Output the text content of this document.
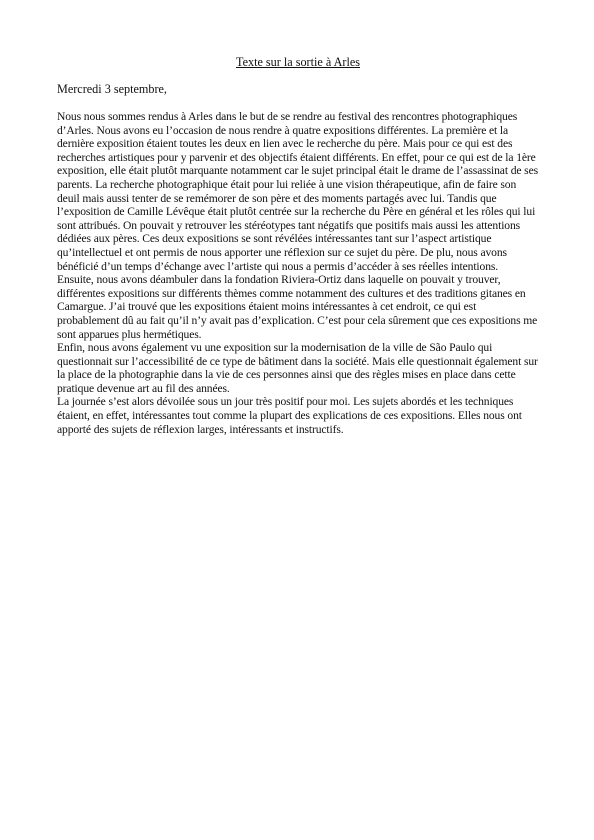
Texte sur la sortie à Arles
Mercredi 3 septembre,

Nous nous sommes rendus à Arles dans le but de se rendre au festival des rencontres photographiques d’Arles. Nous avons eu l’occasion de nous rendre à quatre expositions différentes. La première et la dernière exposition étaient toutes les deux en lien avec le recherche du père. Mais pour ce qui est des recherches artistiques pour y parvenir et des objectifs étaient différents. En effet, pour ce qui est de la 1ère exposition, elle était plutôt marquante notamment car le sujet principal était le drame de l’assassinat de ses parents. La recherche photographique était pour lui reliée à une vision thérapeutique, afin de faire son deuil mais aussi tenter de se remémorer de son père et des moments partagés avec lui. Tandis que l’exposition de Camille Lévêque était plutôt centrée sur la recherche du Père en général et les rôles qui lui sont attribués. On pouvait y retrouver les stéréotypes tant négatifs que positifs mais aussi les attentions dédiées aux pères. Ces deux expositions se sont révélées intéressantes tant sur l’aspect artistique qu’intellectuel et ont permis de nous apporter une réflexion sur ce sujet du père. De plu, nous avons bénéficié d’un temps d’échange avec l’artiste qui nous a permis d’accéder à ses réelles intentions.

Ensuite, nous avons déambuler dans la fondation Riviera-Ortiz dans laquelle on pouvait y trouver, différentes expositions sur différents thèmes comme notamment des cultures et des traditions gitanes en Camargue. J’ai trouvé que les expositions étaient moins intéressantes à cet endroit, ce qui est probablement dû au fait qu’il n’y avait pas d’explication. C’est pour cela sûrement que ces expositions me sont apparues plus hermétiques.

Enfin, nous avons également vu une exposition sur la modernisation de la ville de São Paulo qui questionnait sur l’accessibilité de ce type de bâtiment dans la société. Mais elle questionnait également sur la place de la photographie dans la vie de ces personnes ainsi que des règles mises en place dans cette pratique devenue art au fil des années.

La journée s’est alors dévoilée sous un jour très positif pour moi. Les sujets abordés et les techniques étaient, en effet, intéressantes tout comme la plupart des explications de ces expositions. Elles nous ont apporté des sujets de réflexion larges, intéressants et instructifs.
